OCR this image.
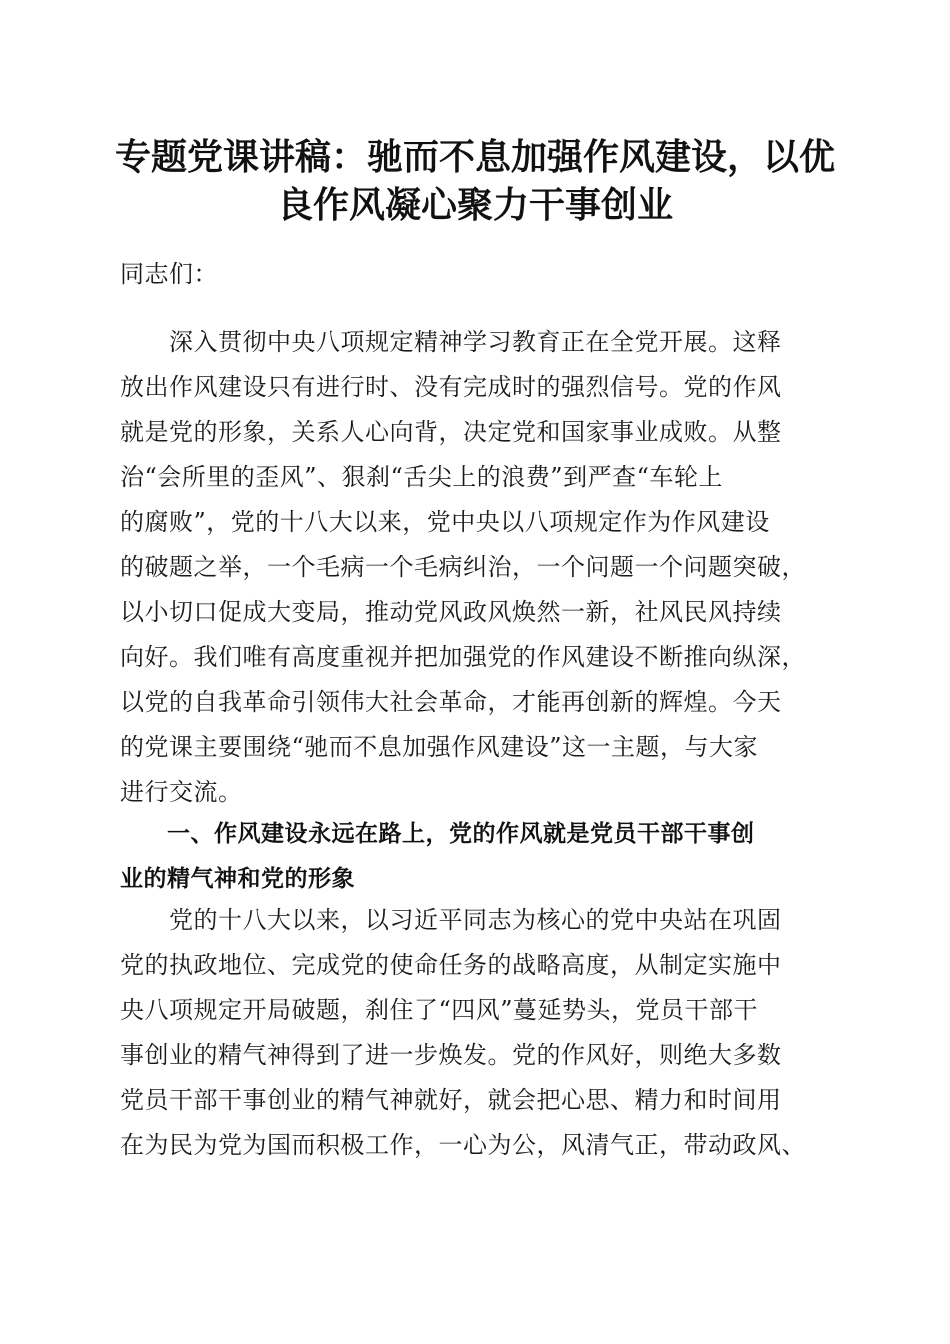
专题党课讲稿：驰而不息加强作风建设，以优
良作风凝心聚力干事创业
同志们：
　　深入贯彻中央八项规定精神学习教育正在全党开展。这释
放出作风建设只有进行时、没有完成时的强烈信号。党的作风
就是党的形象，关系人心向背，决定党和国家事业成败。从整
治“会所里的歪风”、狠刹“舌尖上的浪费”到严查“车轮上
的腐败”，党的十八大以来，党中央以八项规定作为作风建设
的破题之举，一个毛病一个毛病纠治，一个问题一个问题突破，
以小切口促成大变局，推动党风政风焕然一新，社风民风持续
向好。我们唯有高度重视并把加强党的作风建设不断推向纵深，
以党的自我革命引领伟大社会革命，才能再创新的辉煌。今天
的党课主要围绕“驰而不息加强作风建设”这一主题，与大家
进行交流。
　　一、作风建设永远在路上，党的作风就是党员干部干事创
业的精气神和党的形象
　　党的十八大以来，以习近平同志为核心的党中央站在巩固
党的执政地位、完成党的使命任务的战略高度，从制定实施中
央八项规定开局破题，刹住了“四风”蔓延势头，党员干部干
事创业的精气神得到了进一步焕发。党的作风好，则绝大多数
党员干部干事创业的精气神就好，就会把心思、精力和时间用
在为民为党为国而积极工作，一心为公，风清气正，带动政风、
